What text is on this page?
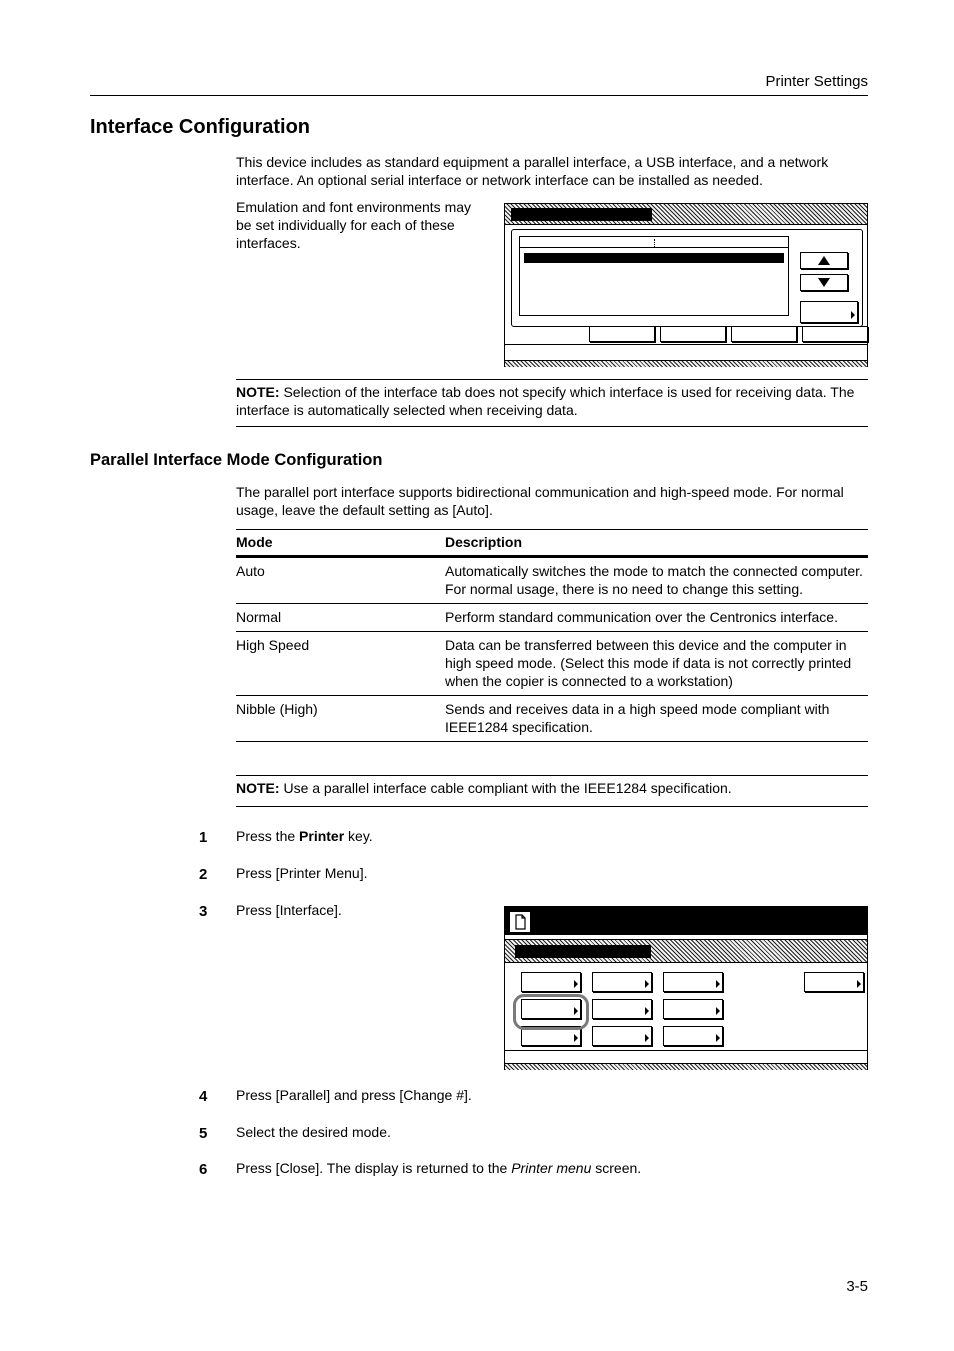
Printer Settings
Interface Configuration
This device includes as standard equipment a parallel interface, a USB interface, and a network interface. An optional serial interface or network interface can be installed as needed.
Emulation and font environments may be set individually for each of these interfaces.
NOTE: Selection of the interface tab does not specify which interface is used for receiving data. The interface is automatically selected when receiving data.
Parallel Interface Mode Configuration
The parallel port interface supports bidirectional communication and high-speed mode. For normal usage, leave the default setting as [Auto].
Mode	Description
Auto	Automatically switches the mode to match the connected computer. For normal usage, there is no need to change this setting.
Normal	Perform standard communication over the Centronics interface.
High Speed	Data can be transferred between this device and the computer in high speed mode. (Select this mode if data is not correctly printed when the copier is connected to a workstation)
Nibble (High)	Sends and receives data in a high speed mode compliant with IEEE1284 specification.
NOTE: Use a parallel interface cable compliant with the IEEE1284 specification.
1 Press the Printer key.
2 Press [Printer Menu].
3 Press [Interface].
4 Press [Parallel] and press [Change #].
5 Select the desired mode.
6 Press [Close]. The display is returned to the Printer menu screen.
3-5
